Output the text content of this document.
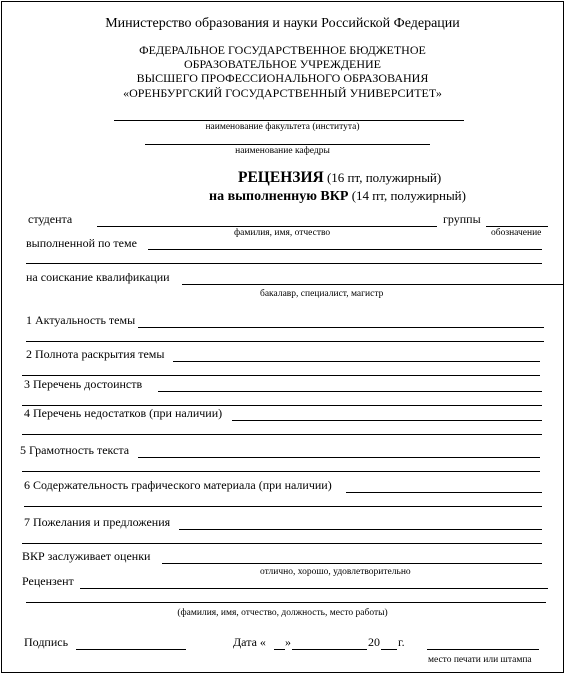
Министерство образования и науки Российской Федерации
ФЕДЕРАЛЬНОЕ ГОСУДАРСТВЕННОЕ БЮДЖЕТНОЕ
ОБРАЗОВАТЕЛЬНОЕ УЧРЕЖДЕНИЕ
ВЫСШЕГО ПРОФЕССИОНАЛЬНОГО ОБРАЗОВАНИЯ
«ОРЕНБУРГСКИЙ ГОСУДАРСТВЕННЫЙ УНИВЕРСИТЕТ»
наименование факультета (института)
наименование кафедры
РЕЦЕНЗИЯ (16 пт, полужирный)
на выполненную ВКР (14 пт, полужирный)
студента	группы
фамилия, имя, отчество	обозначение
выполненной по теме
на соискание квалификации
бакалавр, специалист, магистр
1 Актуальность темы
2 Полнота раскрытия темы
3 Перечень достоинств
4 Перечень недостатков (при наличии)
5 Грамотность текста
6 Содержательность графического материала (при наличии)
7 Пожелания и предложения
ВКР заслуживает оценки
отлично, хорошо, удовлетворительно
Рецензент
(фамилия, имя, отчество, должность, место работы)
Подпись	Дата « »	20 г.
место печати или штампа
